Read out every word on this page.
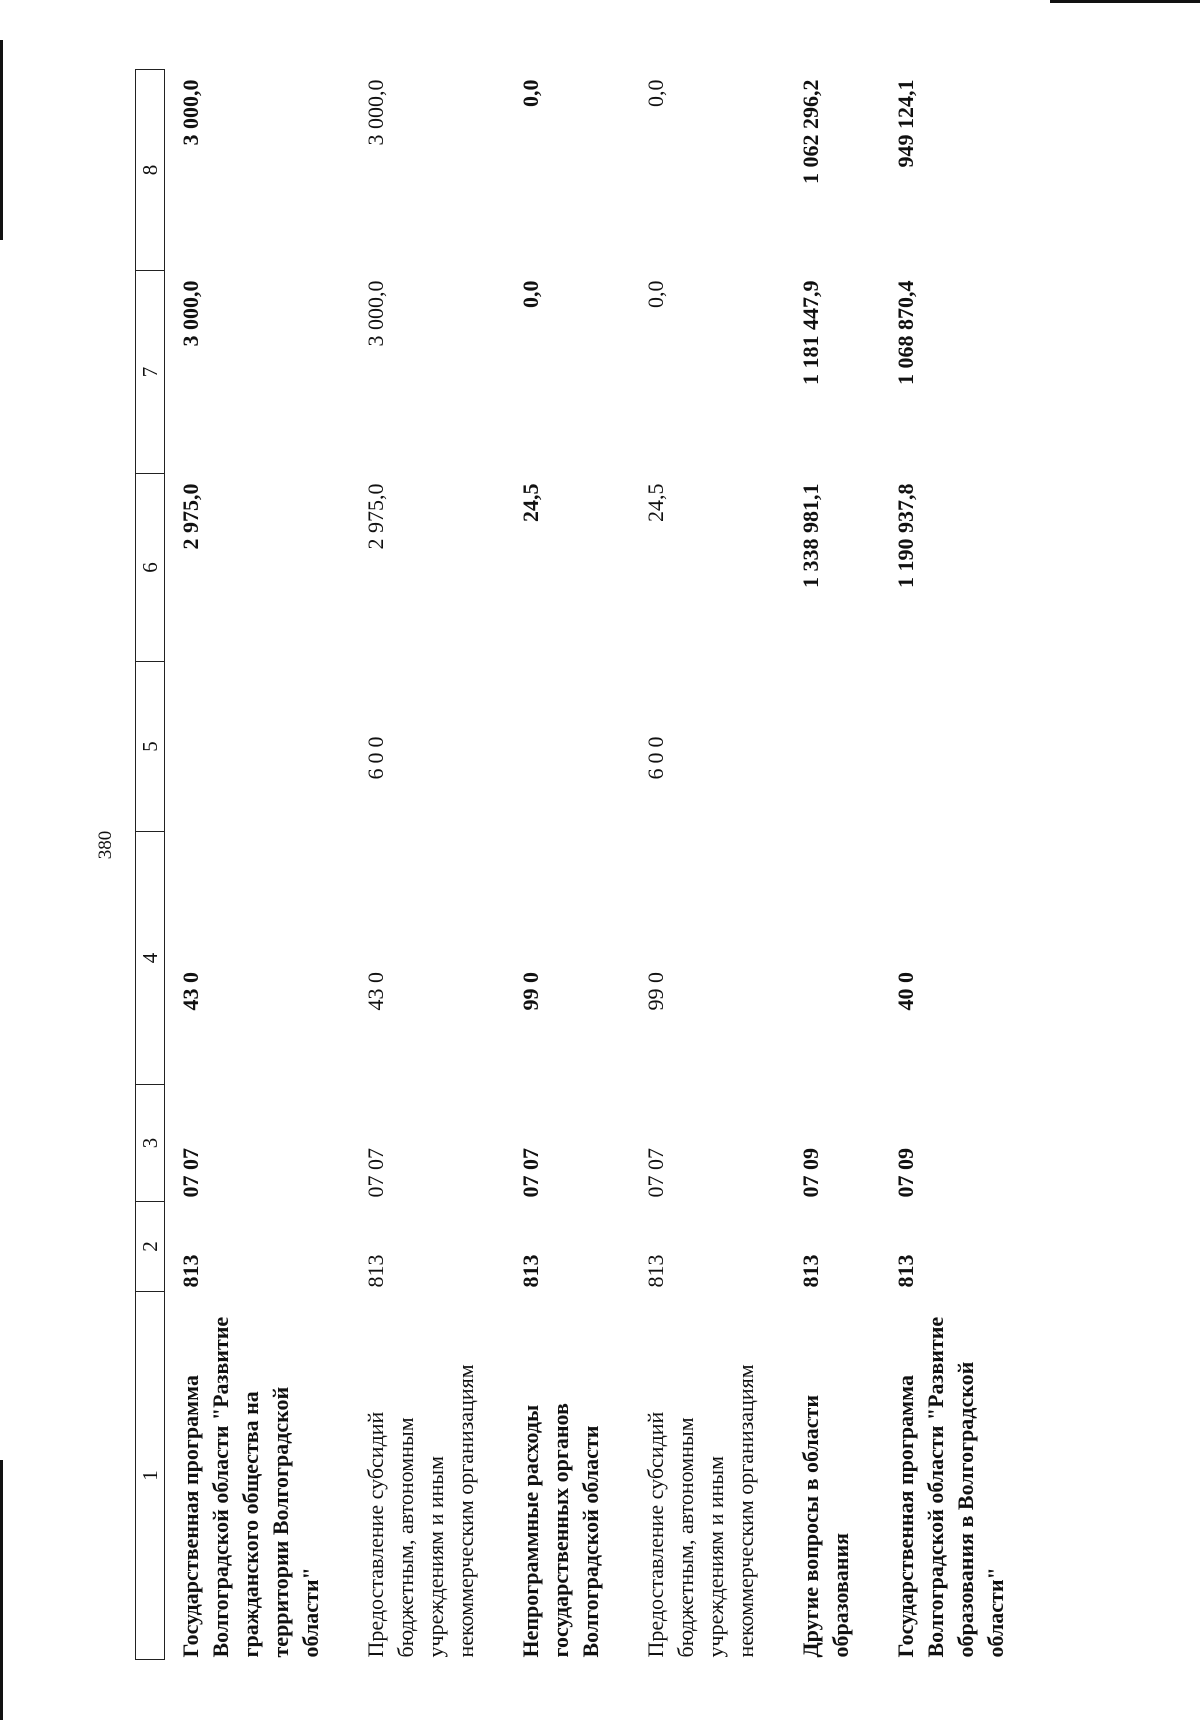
380
1	2	3	4	5	6	7	8
Государственная программа Волгоградской области "Развитие гражданского общества на территории Волгоградской области"	813	07 07	43 0		2 975,0	3 000,0	3 000,0
Предоставление субсидий бюджетным, автономным учреждениям и иным некоммерческим организациям	813	07 07	43 0	600	2 975,0	3 000,0	3 000,0
Непрограммные расходы государственных органов Волгоградской области	813	07 07	99 0		24,5	0,0	0,0
Предоставление субсидий бюджетным, автономным учреждениям и иным некоммерческим организациям	813	07 07	99 0	600	24,5	0,0	0,0
Другие вопросы в области образования	813	07 09			1 338 981,1	1 181 447,9	1 062 296,2
Государственная программа Волгоградской области "Развитие образования в Волгоградской области"	813	07 09	40 0		1 190 937,8	1 068 870,4	949 124,1
